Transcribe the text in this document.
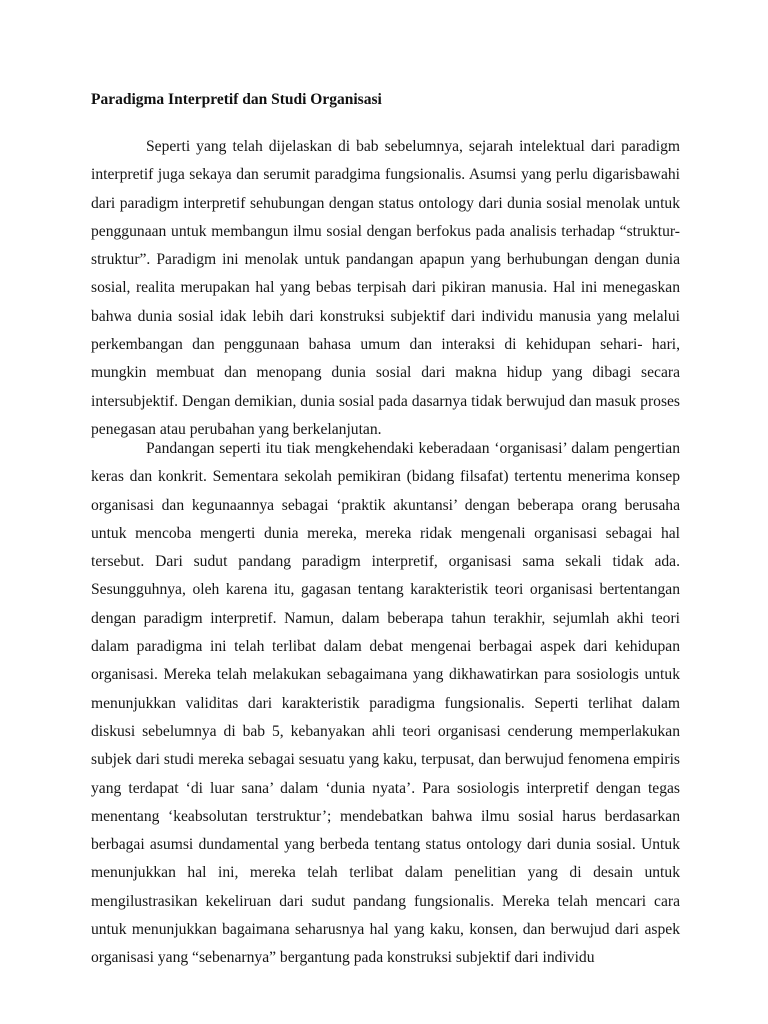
Paradigma Interpretif dan Studi Organisasi

Seperti yang telah dijelaskan di bab sebelumnya, sejarah intelektual dari paradigm interpretif juga sekaya dan serumit paradgima fungsionalis. Asumsi yang perlu digarisbawahi dari paradigm interpretif sehubungan dengan status ontology dari dunia sosial menolak untuk penggunaan untuk membangun ilmu sosial dengan berfokus pada analisis terhadap “struktur-struktur”. Paradigm ini menolak untuk pandangan apapun yang berhubungan dengan dunia sosial, realita merupakan hal yang bebas terpisah dari pikiran manusia. Hal ini menegaskan bahwa dunia sosial idak lebih dari konstruksi subjektif dari individu manusia yang melalui perkembangan dan penggunaan bahasa umum dan interaksi di kehidupan sehari- hari, mungkin membuat dan menopang dunia sosial dari makna hidup yang dibagi secara intersubjektif. Dengan demikian, dunia sosial pada dasarnya tidak berwujud dan masuk proses penegasan atau perubahan yang berkelanjutan.

Pandangan seperti itu tiak mengkehendaki keberadaan ‘organisasi’ dalam pengertian keras dan konkrit. Sementara sekolah pemikiran (bidang filsafat) tertentu menerima konsep organisasi dan kegunaannya sebagai ‘praktik akuntansi’ dengan beberapa orang berusaha untuk mencoba mengerti dunia mereka, mereka ridak mengenali organisasi sebagai hal tersebut. Dari sudut pandang paradigm interpretif, organisasi sama sekali tidak ada. Sesungguhnya, oleh karena itu, gagasan tentang karakteristik teori organisasi bertentangan dengan paradigm interpretif. Namun, dalam beberapa tahun terakhir, sejumlah akhi teori dalam paradigma ini telah terlibat dalam debat mengenai berbagai aspek dari kehidupan organisasi. Mereka telah melakukan sebagaimana yang dikhawatirkan para sosiologis untuk menunjukkan validitas dari karakteristik paradigma fungsionalis. Seperti terlihat dalam diskusi sebelumnya di bab 5, kebanyakan ahli teori organisasi cenderung memperlakukan subjek dari studi mereka sebagai sesuatu yang kaku, terpusat, dan berwujud fenomena empiris yang terdapat ‘di luar sana’ dalam ‘dunia nyata’. Para sosiologis interpretif dengan tegas menentang ‘keabsolutan terstruktur’; mendebatkan bahwa ilmu sosial harus berdasarkan berbagai asumsi dundamental yang berbeda tentang status ontology dari dunia sosial. Untuk menunjukkan hal ini, mereka telah terlibat dalam penelitian yang di desain untuk mengilustrasikan kekeliruan dari sudut pandang fungsionalis. Mereka telah mencari cara untuk menunjukkan bagaimana seharusnya hal yang kaku, konsen, dan berwujud dari aspek organisasi yang “sebenarnya” bergantung pada konstruksi subjektif dari individu
